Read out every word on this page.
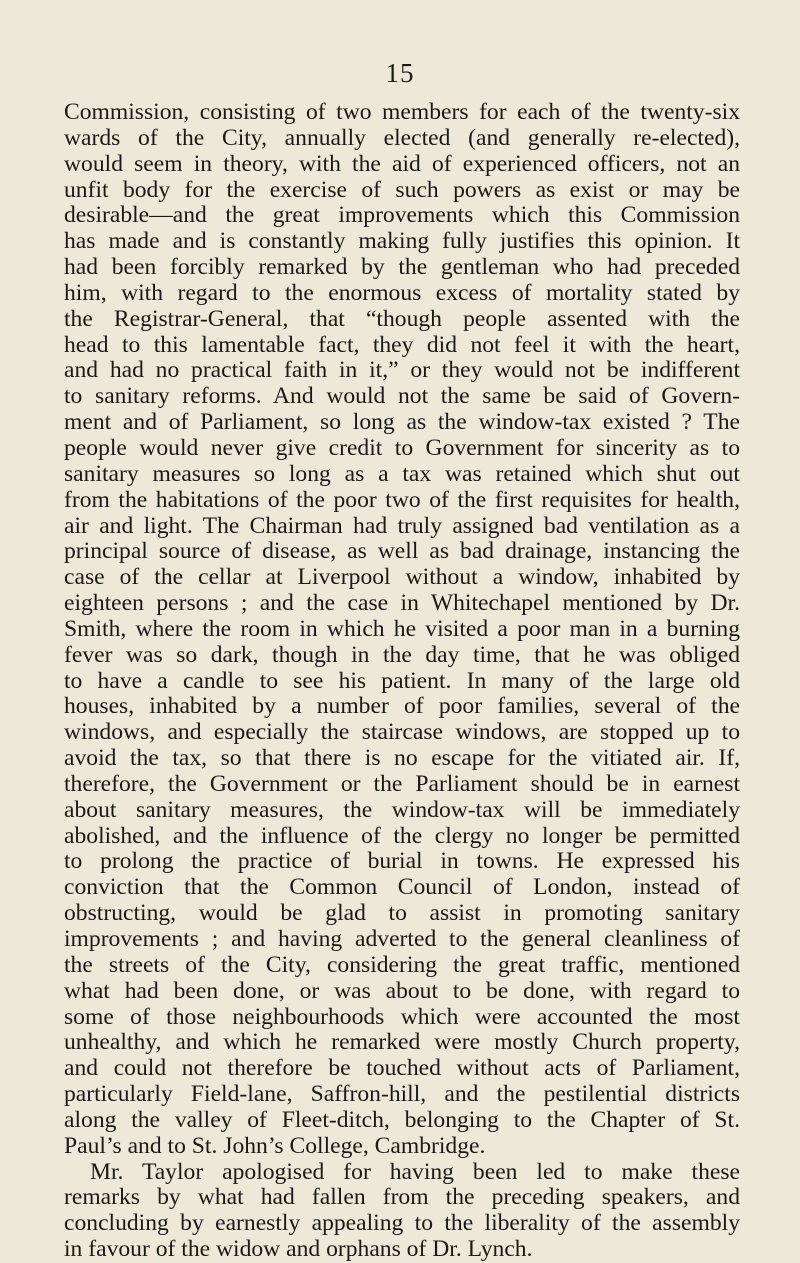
15
Commission, consisting of two members for each of the twenty-six
wards of the City, annually elected (and generally re-elected),
would seem in theory, with the aid of experienced officers, not an
unfit body for the exercise of such powers as exist or may be
desirable—and the great improvements which this Commission
has made and is constantly making fully justifies this opinion. It
had been forcibly remarked by the gentleman who had preceded
him, with regard to the enormous excess of mortality stated by
the Registrar-General, that “though people assented with the
head to this lamentable fact, they did not feel it with the heart,
and had no practical faith in it,” or they would not be indifferent
to sanitary reforms. And would not the same be said of Govern-
ment and of Parliament, so long as the window-tax existed ? The
people would never give credit to Government for sincerity as to
sanitary measures so long as a tax was retained which shut out
from the habitations of the poor two of the first requisites for health,
air and light. The Chairman had truly assigned bad ventilation as a
principal source of disease, as well as bad drainage, instancing the
case of the cellar at Liverpool without a window, inhabited by
eighteen persons ; and the case in Whitechapel mentioned by Dr.
Smith, where the room in which he visited a poor man in a burning
fever was so dark, though in the day time, that he was obliged
to have a candle to see his patient. In many of the large old
houses, inhabited by a number of poor families, several of the
windows, and especially the staircase windows, are stopped up to
avoid the tax, so that there is no escape for the vitiated air. If,
therefore, the Government or the Parliament should be in earnest
about sanitary measures, the window-tax will be immediately
abolished, and the influence of the clergy no longer be permitted
to prolong the practice of burial in towns. He expressed his
conviction that the Common Council of London, instead of
obstructing, would be glad to assist in promoting sanitary
improvements ; and having adverted to the general cleanliness of
the streets of the City, considering the great traffic, mentioned
what had been done, or was about to be done, with regard to
some of those neighbourhoods which were accounted the most
unhealthy, and which he remarked were mostly Church property,
and could not therefore be touched without acts of Parliament,
particularly Field-lane, Saffron-hill, and the pestilential districts
along the valley of Fleet-ditch, belonging to the Chapter of St.
Paul’s and to St. John’s College, Cambridge.
Mr. Taylor apologised for having been led to make these
remarks by what had fallen from the preceding speakers, and
concluding by earnestly appealing to the liberality of the assembly
in favour of the widow and orphans of Dr. Lynch.
